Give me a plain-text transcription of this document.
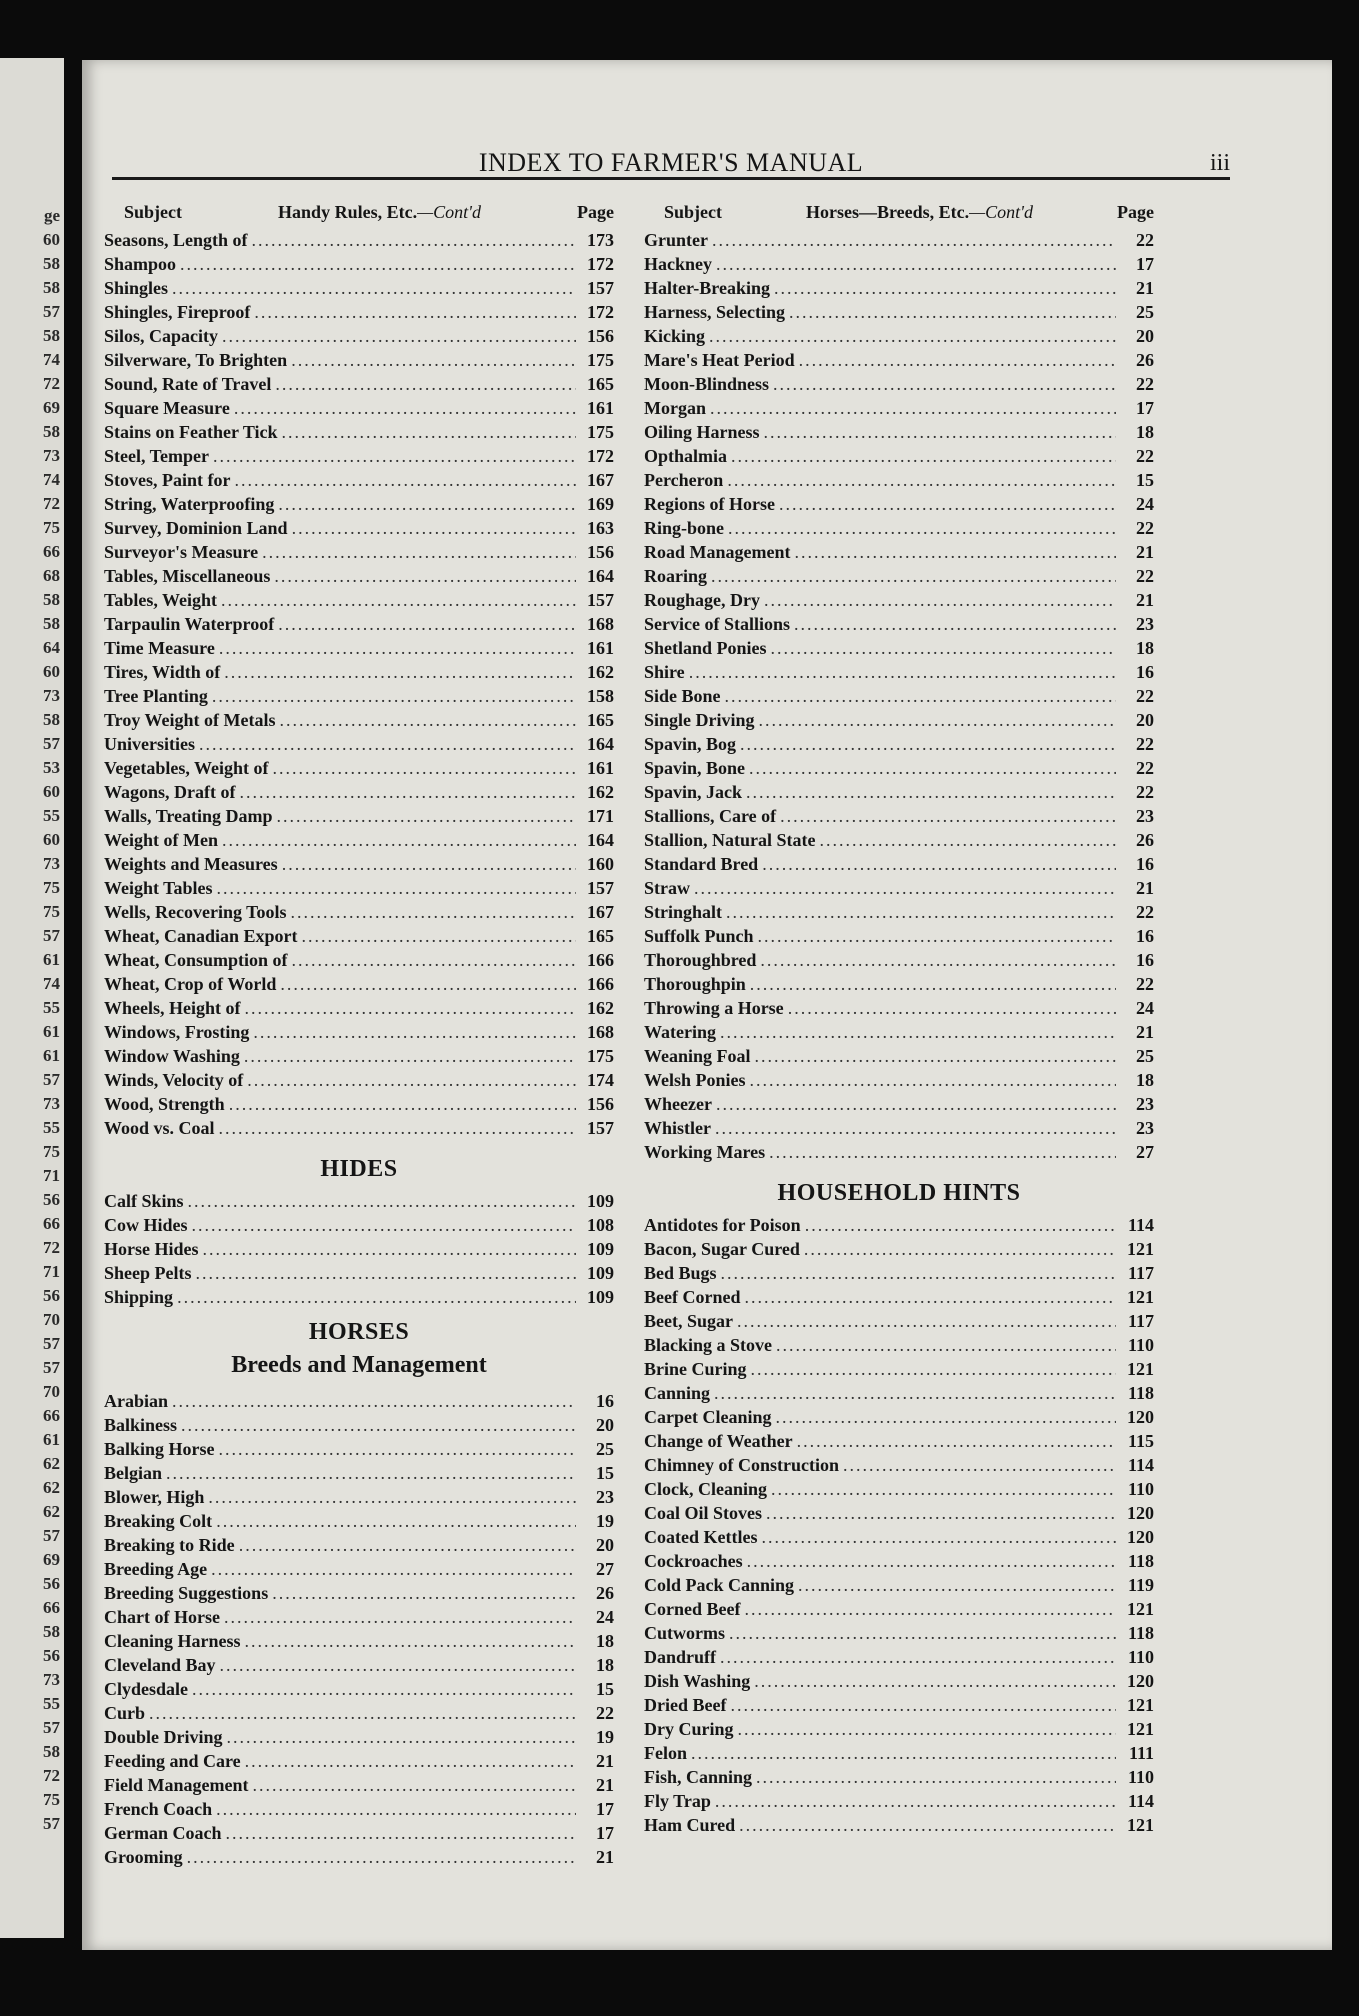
ge
60
58
58
57
58
74
72
69
58
73
74
72
75
66
68
58
58
64
60
73
58
57
53
60
55
60
73
75
75
57
61
74
55
61
61
57
73
55
75
71
56
66
72
71
56
70
57
57
70
66
61
62
62
62
57
69
56
66
58
56
73
55
57
58
72
75
57
INDEX TO FARMER'S MANUAL	iii
Subject	Handy Rules, Etc.—Cont'd	Page
Seasons, Length of .....	173
Shampoo .....	172
Shingles .....	157
Shingles, Fireproof .....	172
Silos, Capacity .....	156
Silverware, To Brighten .....	175
Sound, Rate of Travel .....	165
Square Measure .....	161
Stains on Feather Tick .....	175
Steel, Temper .....	172
Stoves, Paint for .....	167
String, Waterproofing .....	169
Survey, Dominion Land .....	163
Surveyor's Measure .....	156
Tables, Miscellaneous .....	164
Tables, Weight .....	157
Tarpaulin Waterproof .....	168
Time Measure .....	161
Tires, Width of .....	162
Tree Planting .....	158
Troy Weight of Metals .....	165
Universities .....	164
Vegetables, Weight of .....	161
Wagons, Draft of .....	162
Walls, Treating Damp .....	171
Weight of Men .....	164
Weights and Measures .....	160
Weight Tables .....	157
Wells, Recovering Tools .....	167
Wheat, Canadian Export .....	165
Wheat, Consumption of .....	166
Wheat, Crop of World .....	166
Wheels, Height of .....	162
Windows, Frosting .....	168
Window Washing .....	175
Winds, Velocity of .....	174
Wood, Strength .....	156
Wood vs. Coal .....	157
HIDES
Calf Skins .....	109
Cow Hides .....	108
Horse Hides .....	109
Sheep Pelts .....	109
Shipping .....	109
HORSES
Breeds and Management
Arabian .....	16
Balkiness .....	20
Balking Horse .....	25
Belgian .....	15
Blower, High .....	23
Breaking Colt .....	19
Breaking to Ride .....	20
Breeding Age .....	27
Breeding Suggestions .....	26
Chart of Horse .....	24
Cleaning Harness .....	18
Cleveland Bay .....	18
Clydesdale .....	15
Curb .....	22
Double Driving .....	19
Feeding and Care .....	21
Field Management .....	21
French Coach .....	17
German Coach .....	17
Grooming .....	21
Subject	Horses—Breeds, Etc.—Cont'd	Page
Grunter .....	22
Hackney .....	17
Halter-Breaking .....	21
Harness, Selecting .....	25
Kicking .....	20
Mare's Heat Period .....	26
Moon-Blindness .....	22
Morgan .....	17
Oiling Harness .....	18
Opthalmia .....	22
Percheron .....	15
Regions of Horse .....	24
Ring-bone .....	22
Road Management .....	21
Roaring .....	22
Roughage, Dry .....	21
Service of Stallions .....	23
Shetland Ponies .....	18
Shire .....	16
Side Bone .....	22
Single Driving .....	20
Spavin, Bog .....	22
Spavin, Bone .....	22
Spavin, Jack .....	22
Stallions, Care of .....	23
Stallion, Natural State .....	26
Standard Bred .....	16
Straw .....	21
Stringhalt .....	22
Suffolk Punch .....	16
Thoroughbred .....	16
Thoroughpin .....	22
Throwing a Horse .....	24
Watering .....	21
Weaning Foal .....	25
Welsh Ponies .....	18
Wheezer .....	23
Whistler .....	23
Working Mares .....	27
HOUSEHOLD HINTS
Antidotes for Poison .....	114
Bacon, Sugar Cured .....	121
Bed Bugs .....	117
Beef Corned .....	121
Beet, Sugar .....	117
Blacking a Stove .....	110
Brine Curing .....	121
Canning .....	118
Carpet Cleaning .....	120
Change of Weather .....	115
Chimney of Construction .....	114
Clock, Cleaning .....	110
Coal Oil Stoves .....	120
Coated Kettles .....	120
Cockroaches .....	118
Cold Pack Canning .....	119
Corned Beef .....	121
Cutworms .....	118
Dandruff .....	110
Dish Washing .....	120
Dried Beef .....	121
Dry Curing .....	121
Felon .....	111
Fish, Canning .....	110
Fly Trap .....	114
Ham Cured .....	121
